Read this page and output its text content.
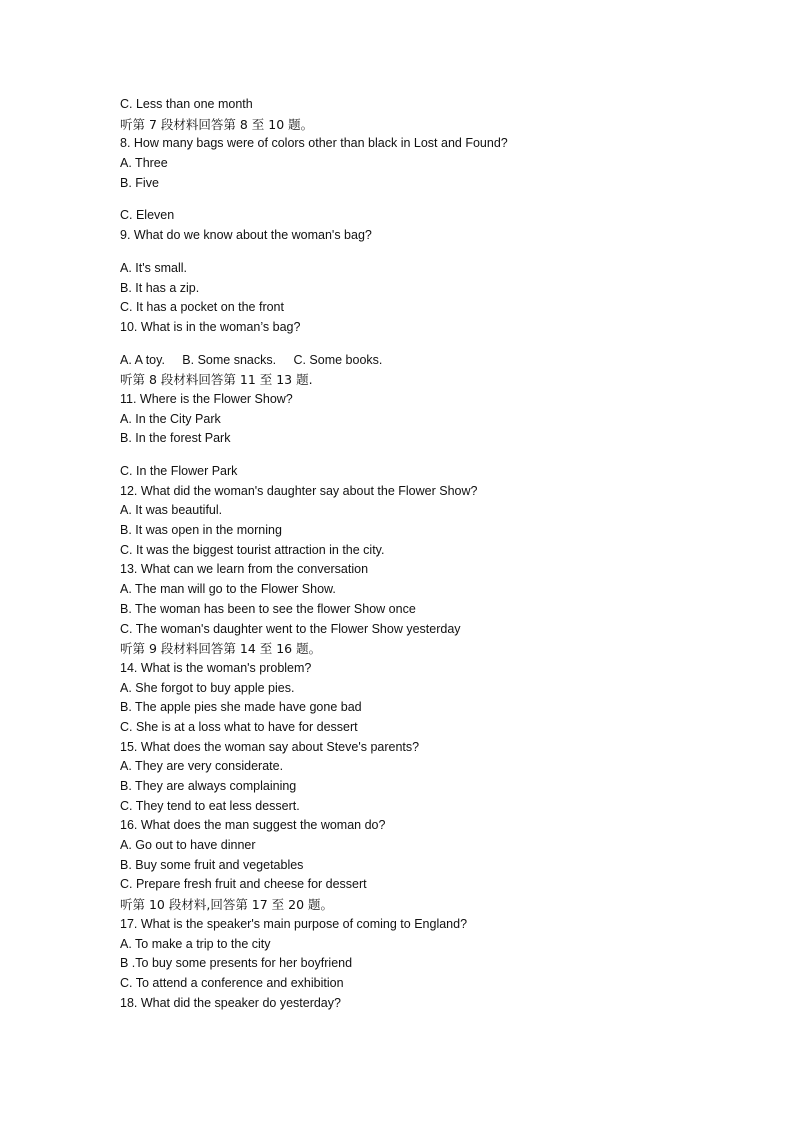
C. Less than one month
听第 7 段材料回答第 8 至 10 题。
8. How many bags were of colors other than black in Lost and Found?
A. Three
B. Five
C. Eleven
9. What do we know about the woman's bag?
A. It's small.
B. It has a zip.
C. It has a pocket on the front
10. What is in the woman’s bag?
A. A toy.     B. Some snacks.     C. Some books.
听第 8 段材料回答第 11 至 13 题.
11. Where is the Flower Show?
A. In the City Park
B. In the forest Park
C. In the Flower Park
12. What did the woman's daughter say about the Flower Show?
A. It was beautiful.
B. It was open in the morning
C. It was the biggest tourist attraction in the city.
13. What can we learn from the conversation
A. The man will go to the Flower Show.
B. The woman has been to see the flower Show once
C. The woman's daughter went to the Flower Show yesterday
听第 9 段材料回答第 14 至 16 题。
14. What is the woman's problem?
A. She forgot to buy apple pies.
B. The apple pies she made have gone bad
C. She is at a loss what to have for dessert
15. What does the woman say about Steve's parents?
A. They are very considerate.
B. They are always complaining
C. They tend to eat less dessert.
16. What does the man suggest the woman do?
A. Go out to have dinner
B. Buy some fruit and vegetables
C. Prepare fresh fruit and cheese for dessert
听第 10 段材料,回答第 17 至 20 题。
17. What is the speaker's main purpose of coming to England?
A. To make a trip to the city
B .To buy some presents for her boyfriend
C. To attend a conference and exhibition
18. What did the speaker do yesterday?
